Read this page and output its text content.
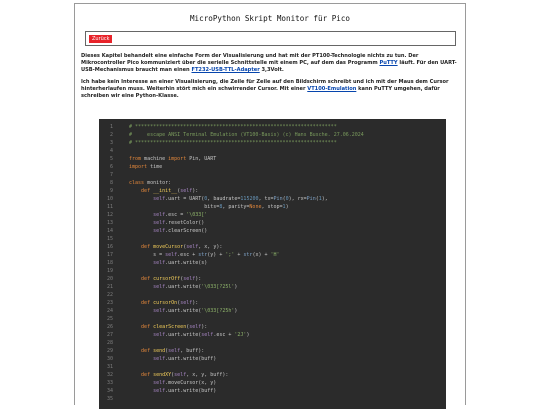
MicroPython Skript Monitor für Pico
Zurück
Dieses Kapitel behandelt eine einfache Form der Visualisierung und hat mit der PT100-Technologie nichts zu tun. Der Mikrocontroller Pico kommuniziert über die serielle Schnittstelle mit einem PC, auf dem das Programm PuTTY läuft. Für den UART-USB-Mechanismus braucht man einen FT232-USB-TTL-Adapter 3,3Volt.
Ich habe kein Interesse an einer Visualisierung, die Zeile für Zeile auf den Bildschirm schreibt und ich mit der Maus dem Cursor hinterherlaufen muss. Weiterhin stört mich ein schwirrender Cursor. Mit einer VT100-Emulation kann PuTTY umgehen, dafür schreiben wir eine Python-Klasse.
1	# *******************************************************************
2	#     escape ANSI Terminal Emulation (VT100-Basis) (c) Hans Busche. 27.06.2024
3	# *******************************************************************
4
5	from machine import Pin, UART
6	import time
7
8	class monitor:
9	def __init__(self):
10	self.uart = UART(0, baudrate=115200, tx=Pin(0), rx=Pin(1),
11	bits=8, parity=None, stop=1)
12	self.esc = '\033['
13	self.resetColor()
14	self.clearScreen()
15
16	def moveCursor(self, x, y):
17	s = self.esc + str(y) + ';' + str(x) + 'H'
18	self.uart.write(s)
19
20	def cursorOff(self):
21	self.uart.write('\033[?25l')
22
23	def cursorOn(self):
24	self.uart.write('\033[?25h')
25
26	def clearScreen(self):
27	self.uart.write(self.esc + '2J')
28
29	def send(self, buff):
30	self.uart.write(buff)
31
32	def sendXY(self, x, y, buff):
33	self.moveCursor(x, y)
34	self.uart.write(buff)
35
